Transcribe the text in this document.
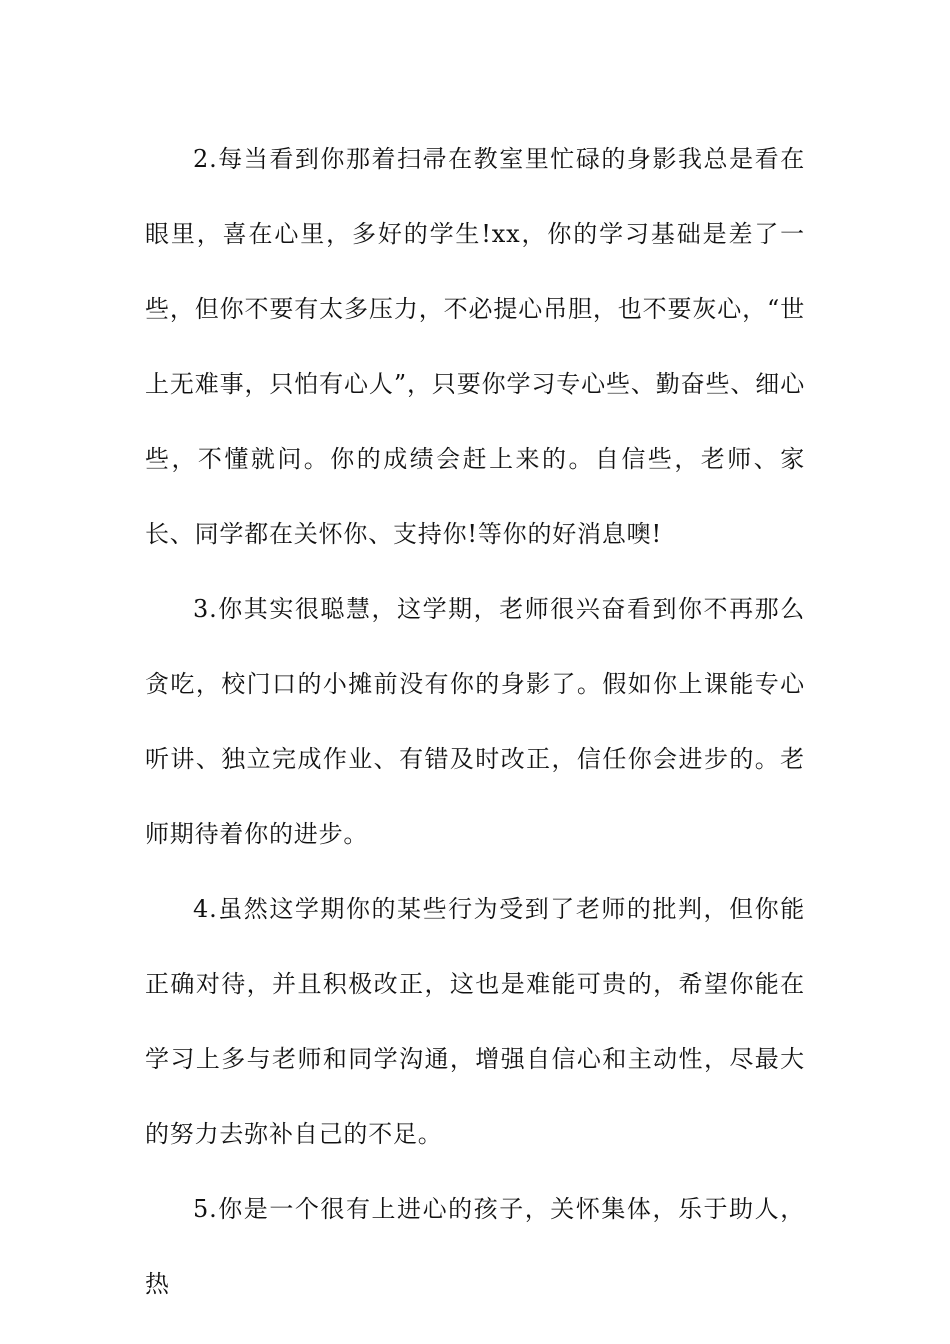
2.每当看到你那着扫帚在教室里忙碌的身影我总是看在眼里，喜在心里，多好的学生!xx，你的学习基础是差了一些，但你不要有太多压力，不必提心吊胆，也不要灰心，“世上无难事，只怕有心人”，只要你学习专心些、勤奋些、细心些，不懂就问。你的成绩会赶上来的。自信些，老师、家长、同学都在关怀你、支持你!等你的好消息噢!

3.你其实很聪慧，这学期，老师很兴奋看到你不再那么贪吃，校门口的小摊前没有你的身影了。假如你上课能专心听讲、独立完成作业、有错及时改正，信任你会进步的。老师期待着你的进步。

4.虽然这学期你的某些行为受到了老师的批判，但你能正确对待，并且积极改正，这也是难能可贵的，希望你能在学习上多与老师和同学沟通，增强自信心和主动性，尽最大的努力去弥补自己的不足。

5.你是一个很有上进心的孩子，关怀集体，乐于助人，热
